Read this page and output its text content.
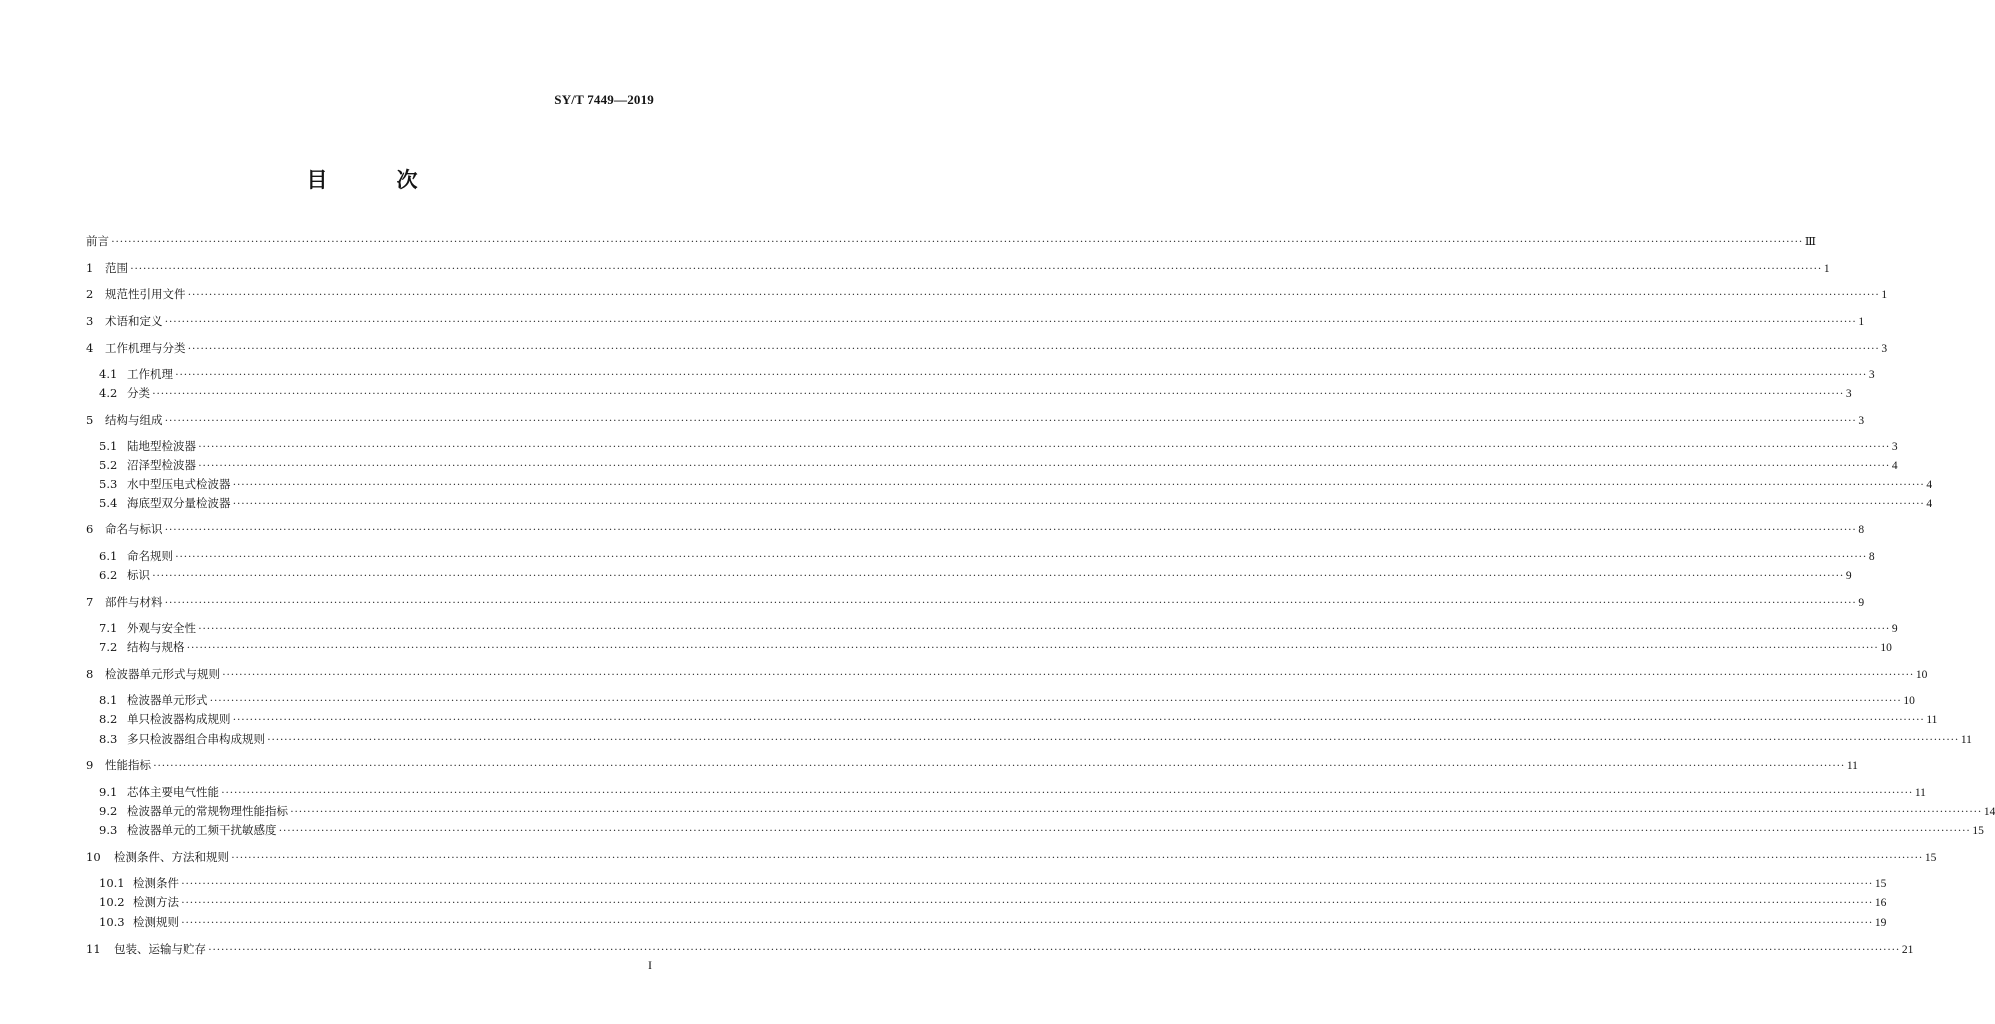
SY/T 7449—2019
目　次
前言 ················································································································································································································································································································································································································ Ⅲ
1 范围 ················································································································································································································································································································································································································ 1
2 规范性引用文件 ················································································································································································································································································································································································································ 1
3 术语和定义 ················································································································································································································································································································································································································ 1
4 工作机理与分类 ················································································································································································································································································································································································································ 3
4.1 工作机理 ················································································································································································································································································································································································································ 3
4.2 分类 ················································································································································································································································································································································································································ 3
5 结构与组成 ················································································································································································································································································································································································································ 3
5.1 陆地型检波器 ················································································································································································································································································································································································································ 3
5.2 沼泽型检波器 ················································································································································································································································································································································································································ 4
5.3 水中型压电式检波器 ················································································································································································································································································································································································································ 4
5.4 海底型双分量检波器 ················································································································································································································································································································································································································ 4
6 命名与标识 ················································································································································································································································································································································································································ 8
6.1 命名规则 ················································································································································································································································································································································································································ 8
6.2 标识 ················································································································································································································································································································································································································ 9
7 部件与材料 ················································································································································································································································································································································································································ 9
7.1 外观与安全性 ················································································································································································································································································································································································································ 9
7.2 结构与规格 ················································································································································································································································································································································································································ 10
8 检波器单元形式与规则 ················································································································································································································································································································································································································ 10
8.1 检波器单元形式 ················································································································································································································································································································································································································ 10
8.2 单只检波器构成规则 ················································································································································································································································································································································································································ 11
8.3 多只检波器组合串构成规则 ················································································································································································································································································································································································································ 11
9 性能指标 ················································································································································································································································································································································································································ 11
9.1 芯体主要电气性能 ················································································································································································································································································································································································································ 11
9.2 检波器单元的常规物理性能指标 ················································································································································································································································································································································································································ 14
9.3 检波器单元的工频干扰敏感度 ················································································································································································································································································································································································································ 15
10 检测条件、方法和规则 ················································································································································································································································································································································································································ 15
10.1 检测条件 ················································································································································································································································································································································································································ 15
10.2 检测方法 ················································································································································································································································································································································································································ 16
10.3 检测规则 ················································································································································································································································································································································································································ 19
11 包装、运输与贮存 ················································································································································································································································································································································································································ 21
I
